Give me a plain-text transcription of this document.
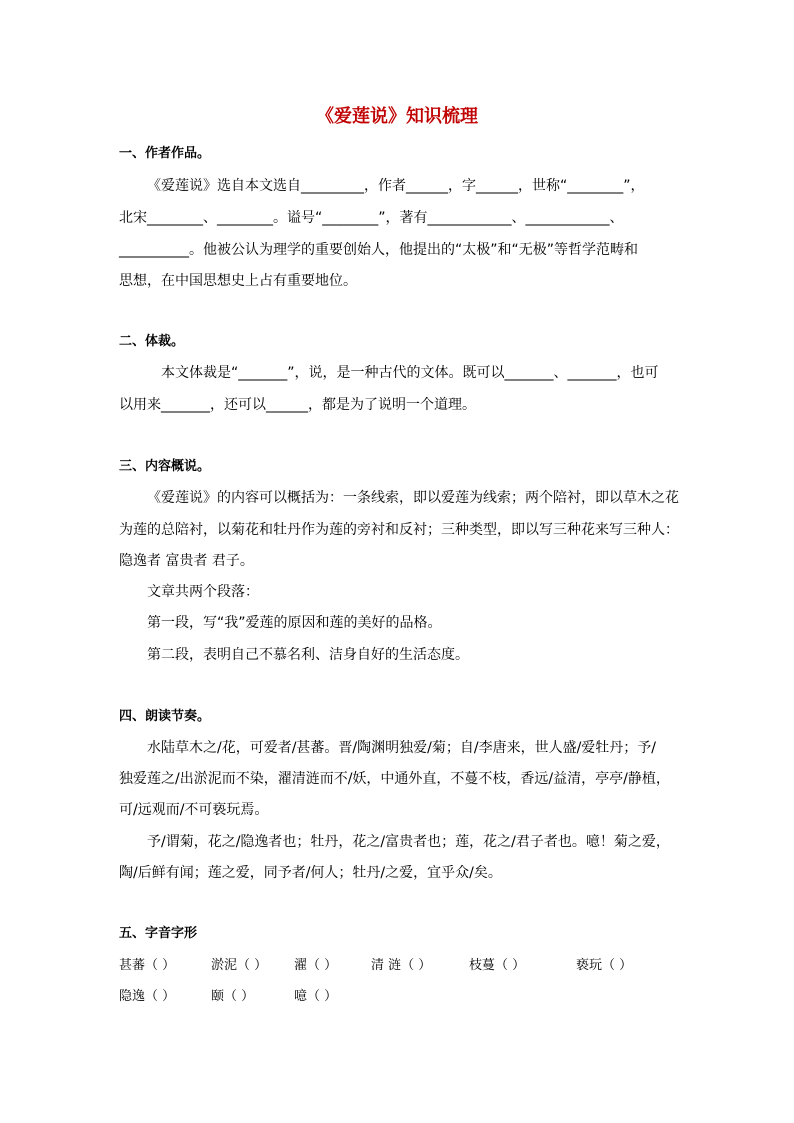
《爱莲说》知识梳理
一、作者作品。
《爱莲说》选自本文选自_________，作者______，字______，世称“________”，
北宋________、________。谥号“________”，著有____________、____________、
__________。他被公认为理学的重要创始人，他提出的“太极”和“无极”等哲学范畴和
思想，在中国思想史上占有重要地位。
二、体裁。
本文体裁是“_______”，说，是一种古代的文体。既可以_______、_______，也可
以用来_______，还可以______，都是为了说明一个道理。
三、内容概说。
《爱莲说》的内容可以概括为：一条线索，即以爱莲为线索；两个陪衬，即以草木之花
为莲的总陪衬，以菊花和牡丹作为莲的旁衬和反衬；三种类型，即以写三种花来写三种人：
隐逸者 富贵者 君子。
文章共两个段落：
第一段，写“我”爱莲的原因和莲的美好的品格。
第二段，表明自己不慕名利、洁身自好的生活态度。
四、朗读节奏。
水陆草木之/花，可爱者/甚蕃。晋/陶渊明独爱/菊；自/李唐来，世人盛/爱牡丹；予/
独爱莲之/出淤泥而不染，濯清涟而不/妖，中通外直，不蔓不枝，香远/益清，亭亭/静植，
可/远观而/不可亵玩焉。
予/谓菊，花之/隐逸者也；牡丹，花之/富贵者也；莲，花之/君子者也。噫！菊之爱，
陶/后鲜有闻；莲之爱，同予者/何人；牡丹/之爱，宜乎众/矣。
五、字音字形
甚蕃（ ）	淤泥（ ） 濯（ ）	清 涟（ ）	枝蔓（ ）	亵玩（ ）
隐逸（ ）	颐（ ）	噫（ ）
